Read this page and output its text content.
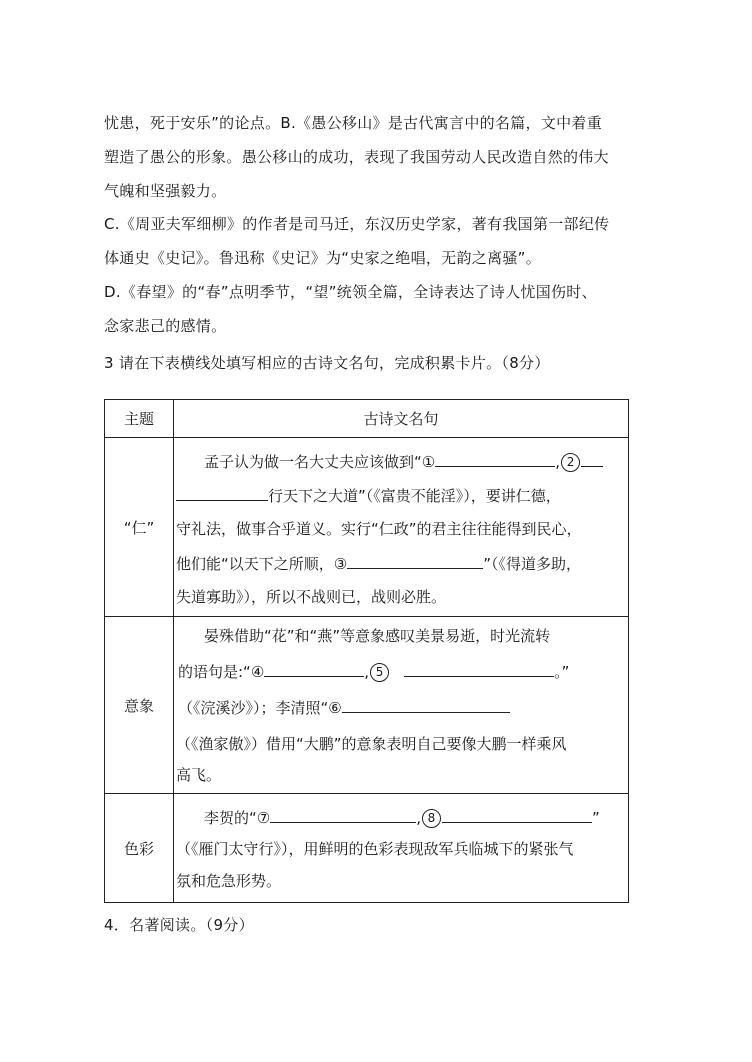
忧患，死于安乐”的论点。B.《愚公移山》是古代寓言中的名篇，文中着重
塑造了愚公的形象。愚公移山的成功，表现了我国劳动人民改造自然的伟大
气魄和坚强毅力。
C.《周亚夫军细柳》的作者是司马迁，东汉历史学家，著有我国第一部纪传
体通史《史记》。鲁迅称《史记》为“史家之绝唱，无韵之离骚”。
D.《春望》的“春”点明季节，“望”统领全篇，全诗表达了诗人忧国伤时、
念家悲己的感情。
3 请在下表横线处填写相应的古诗文名句，完成积累卡片。（8分）
主题	古诗文名句
“仁”	孟子认为做一名大丈夫应该做到“① , 2
行天下之大道”（《富贵不能淫》），要讲仁德，
守礼法，做事合乎道义。实行“仁政”的君主往往能得到民心，
他们能“以天下之所顺，③ ”（《得道多助，
失道寡助》），所以不战则已，战则必胜。

意象	晏殊借助“花”和“燕”等意象感叹美景易逝，时光流转
的语句是:“④ , 5 。”
（《浣溪沙》）；李清照“⑥
（《渔家傲》）借用“大鹏”的意象表明自己要像大鹏一样乘风
高飞。

色彩	李贺的“⑦ , 8 ”
（《雁门太守行》），用鲜明的色彩表现敌军兵临城下的紧张气
氛和危急形势。
4．名著阅读。（9分）
